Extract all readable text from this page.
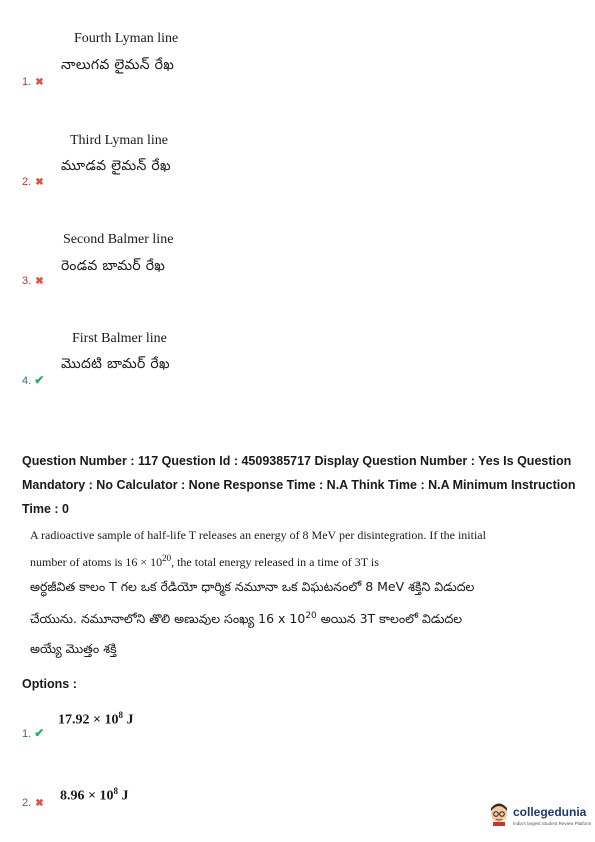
Fourth Lyman line
నాలుగవ లైమన్ రేఖ
1. ✖
Third Lyman line
మూడవ లైమన్ రేఖ
2. ✖
Second Balmer line
రెండవ బామర్ రేఖ
3. ✖
First Balmer line
మొదటి బామర్ రేఖ
4. ✔
Question Number : 117 Question Id : 4509385717 Display Question Number : Yes Is Question
Mandatory : No Calculator : None Response Time : N.A Think Time : N.A Minimum Instruction
Time : 0
A radioactive sample of half-life T releases an energy of 8 MeV per disintegration. If the initial
number of atoms is $16 \times 10^{20}$, the total energy released in a time of 3T is
అర్ధజీవిత కాలం T గల ఒక రేడియో ధార్మిక నమూనా ఒక విఘటనంలో 8 MeV శక్తిని విడుదల
చేయును. నమూనాలోని తొలి అణువుల సంఖ్య 16 x $10^{20}$ అయిన 3T కాలంలో విడుదల
అయ్యే మొత్తం శక్తి
Options :
$17.92 \times 10^8$ J
1. ✔
$8.96 \times 10^8$ J
2. ✖
collegedunia
India's largest Student Review Platform
